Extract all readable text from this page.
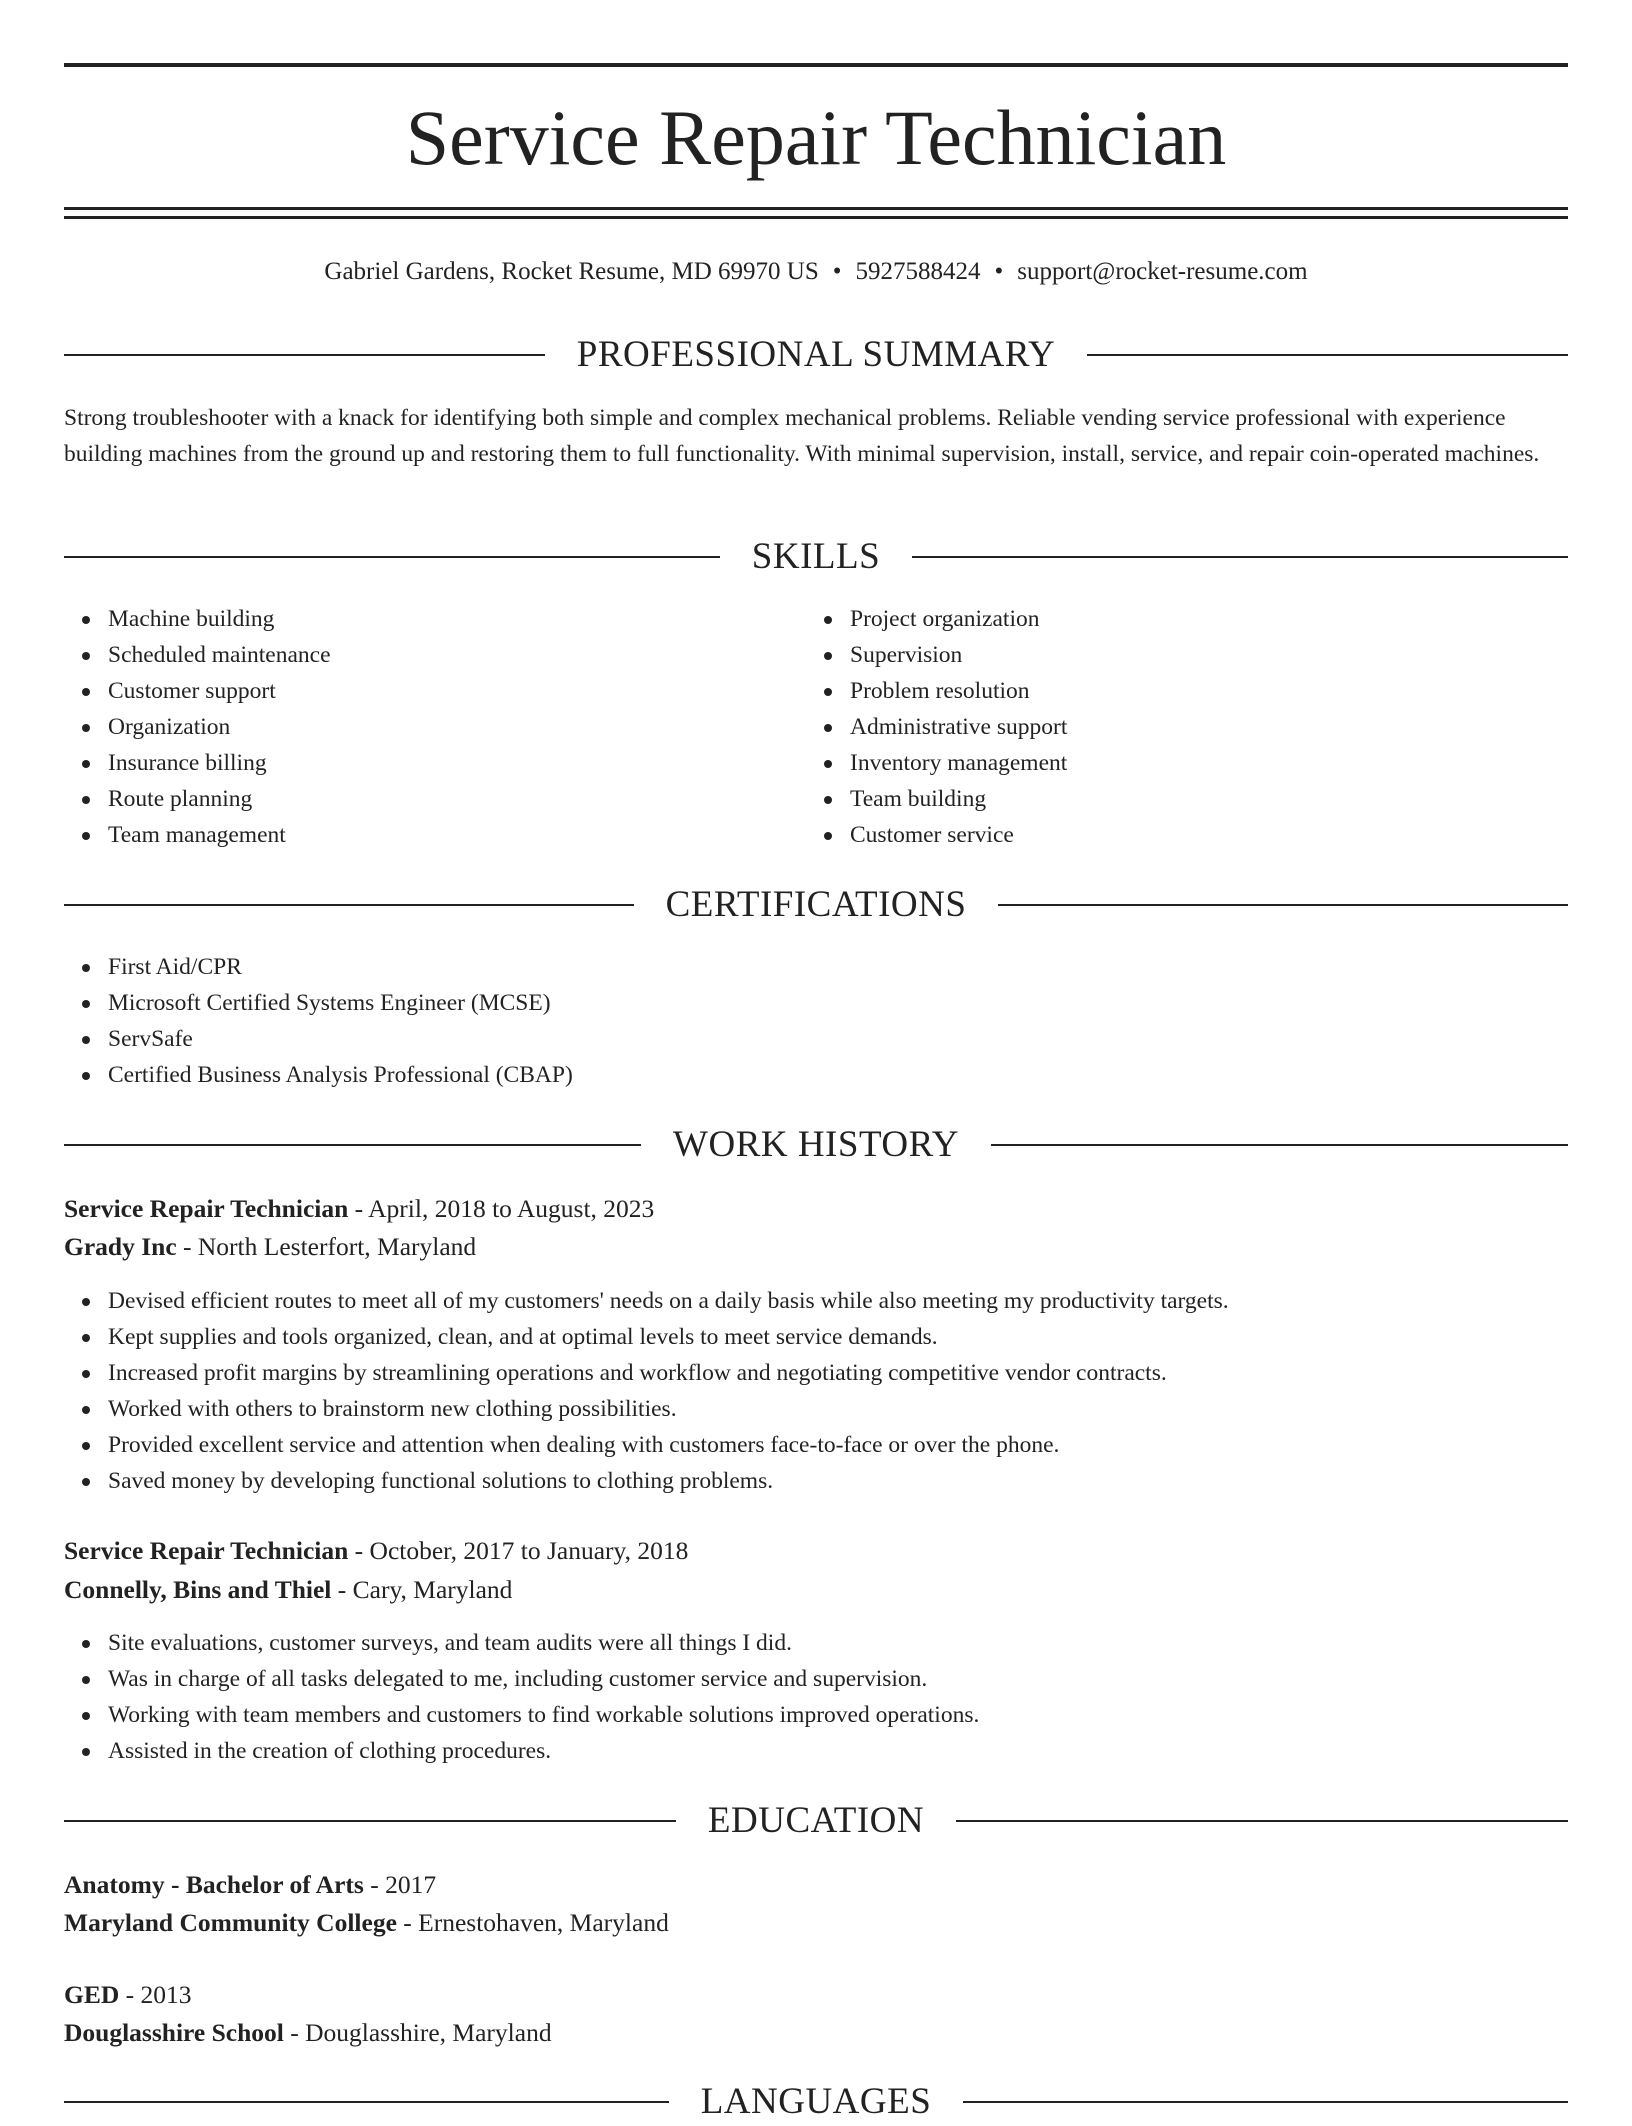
Service Repair Technician
Gabriel Gardens, Rocket Resume, MD 69970 US • 5927588424 • support@rocket-resume.com
PROFESSIONAL SUMMARY
Strong troubleshooter with a knack for identifying both simple and complex mechanical problems. Reliable vending service professional with experience building machines from the ground up and restoring them to full functionality. With minimal supervision, install, service, and repair coin-operated machines.
SKILLS
Machine building
Scheduled maintenance
Customer support
Organization
Insurance billing
Route planning
Team management
Project organization
Supervision
Problem resolution
Administrative support
Inventory management
Team building
Customer service
CERTIFICATIONS
First Aid/CPR
Microsoft Certified Systems Engineer (MCSE)
ServSafe
Certified Business Analysis Professional (CBAP)
WORK HISTORY
Service Repair Technician - April, 2018 to August, 2023
Grady Inc - North Lesterfort, Maryland
Devised efficient routes to meet all of my customers' needs on a daily basis while also meeting my productivity targets.
Kept supplies and tools organized, clean, and at optimal levels to meet service demands.
Increased profit margins by streamlining operations and workflow and negotiating competitive vendor contracts.
Worked with others to brainstorm new clothing possibilities.
Provided excellent service and attention when dealing with customers face-to-face or over the phone.
Saved money by developing functional solutions to clothing problems.
Service Repair Technician - October, 2017 to January, 2018
Connelly, Bins and Thiel - Cary, Maryland
Site evaluations, customer surveys, and team audits were all things I did.
Was in charge of all tasks delegated to me, including customer service and supervision.
Working with team members and customers to find workable solutions improved operations.
Assisted in the creation of clothing procedures.
EDUCATION
Anatomy - Bachelor of Arts - 2017
Maryland Community College - Ernestohaven, Maryland
GED - 2013
Douglasshire School - Douglasshire, Maryland
LANGUAGES
